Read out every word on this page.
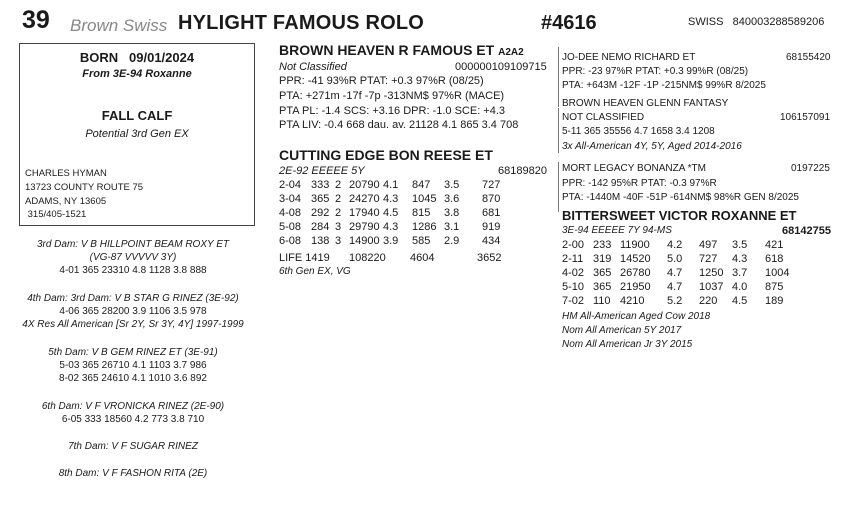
39 Brown Swiss HYLIGHT FAMOUS ROLO	#4616	SWISS   840003288589206
BORN   09/01/2024
From 3E-94 Roxanne
FALL CALF
Potential 3rd Gen EX
CHARLES HYMAN
13723 COUNTY ROUTE 75
ADAMS, NY 13605
315/405-1521
3rd Dam: V B HILLPOINT BEAM ROXY ET
(VG-87 VVVVV 3Y)
4-01 365 23310 4.8 1128 3.8 888
4th Dam: 3rd Dam: V B STAR G RINEZ (3E-92)
4-06 365 28200 3.9 1106 3.5 978
4X Res All American [Sr 2Y, Sr 3Y, 4Y] 1997-1999
5th Dam: V B GEM RINEZ ET (3E-91)
5-03 365 26710 4.1 1103 3.7 986
8-02 365 24610 4.1 1010 3.6 892
6th Dam: V F VRONICKA RINEZ (2E-90)
6-05 333 18560 4.2 773 3.8 710
7th Dam: V F SUGAR RINEZ
8th Dam: V F FASHON RITA (2E)
BROWN HEAVEN R FAMOUS ET A2A2
Not Classified	000000109109715
PPR: -41 93%R PTAT: +0.3 97%R (08/25)
PTA: +271m -17f -7p -313NM$ 97%R (MACE)
PTA PL: -1.4 SCS: +3.16 DPR: -1.0 SCE: +4.3
PTA LIV: -0.4 668 dau. av. 21128 4.1 865 3.4 708
CUTTING EDGE BON REESE ET
2E-92 EEEEE 5Y	68189820
2-04 333 2 20790 4.1 847 3.5 727
3-04 365 2 24270 4.3 1045 3.6 870
4-08 292 2 17940 4.5 815 3.8 681
5-08 284 3 29790 4.3 1286 3.1 919
6-08 138 3 14900 3.9 585 2.9 434
LIFE 1419 108220 4604	3652
6th Gen EX, VG
JO-DEE NEMO RICHARD ET	68155420
PPR: -23 97%R PTAT: +0.3 99%R (08/25)
PTA: +643M -12F -1P -215NM$ 99%R 8/2025
BROWN HEAVEN GLENN FANTASY
NOT CLASSIFIED	106157091
5-11 365 35556 4.7 1658 3.4 1208
3x All-American 4Y, 5Y, Aged 2014-2016
MORT LEGACY BONANZA *TM	0197225
PPR: -142 95%R PTAT: -0.3 97%R
PTA: -1440M -40F -51P -614NM$ 98%R GEN 8/2025
BITTERSWEET VICTOR ROXANNE ET
3E-94 EEEEE 7Y 94-MS	68142755
2-00 233 11900 4.2 497 3.5 421
2-11 319 14520 5.0 727 4.3 618
4-02 365 26780 4.7 1250 3.7 1004
5-10 365 21950 4.7 1037 4.0 875
7-02 110 4210 5.2 220 4.5 189
HM All-American Aged Cow 2018
Nom All American 5Y 2017
Nom All American Jr 3Y 2015
